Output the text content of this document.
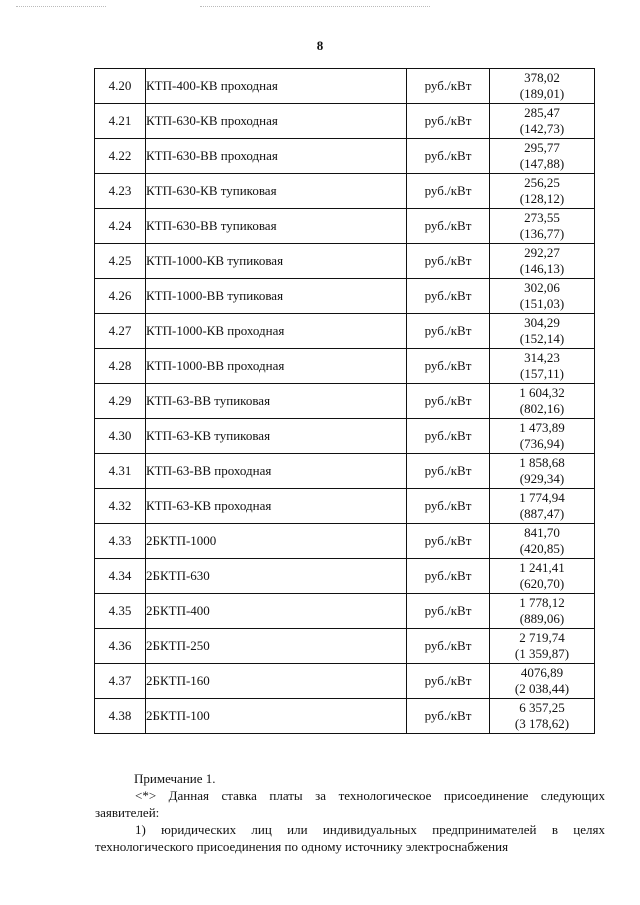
8
4.20	КТП-400-КВ проходная	руб./кВт	378,02
(189,01)

4.21	КТП-630-КВ проходная	руб./кВт	285,47
(142,73)

4.22	КТП-630-ВВ проходная	руб./кВт	295,77
(147,88)

4.23	КТП-630-КВ тупиковая	руб./кВт	256,25
(128,12)

4.24	КТП-630-ВВ тупиковая	руб./кВт	273,55
(136,77)

4.25	КТП-1000-КВ тупиковая	руб./кВт	292,27
(146,13)

4.26	КТП-1000-ВВ тупиковая	руб./кВт	302,06
(151,03)

4.27	КТП-1000-КВ проходная	руб./кВт	304,29
(152,14)

4.28	КТП-1000-ВВ проходная	руб./кВт	314,23
(157,11)

4.29	КТП-63-ВВ тупиковая	руб./кВт	1 604,32
(802,16)

4.30	КТП-63-КВ тупиковая	руб./кВт	1 473,89
(736,94)

4.31	КТП-63-ВВ проходная	руб./кВт	1 858,68
(929,34)

4.32	КТП-63-КВ проходная	руб./кВт	1 774,94
(887,47)

4.33	2БКТП-1000	руб./кВт	841,70
(420,85)

4.34	2БКТП-630	руб./кВт	1 241,41
(620,70)

4.35	2БКТП-400	руб./кВт	1 778,12
(889,06)

4.36	2БКТП-250	руб./кВт	2 719,74
(1 359,87)

4.37	2БКТП-160	руб./кВт	4076,89
(2 038,44)

4.38	2БКТП-100	руб./кВт	6 357,25
(3 178,62)
Примечание 1.
<*> Данная ставка платы за технологическое присоединение следующих заявителей:
1) юридических лиц или индивидуальных предпринимателей в целях технологического присоединения по одному источнику электроснабжения
